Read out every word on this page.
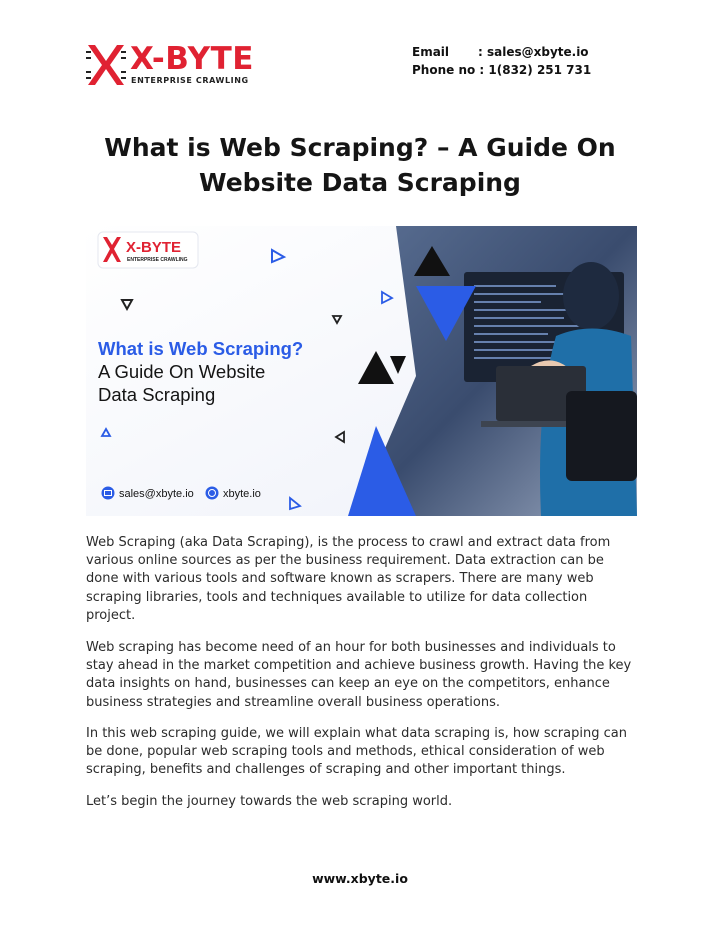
X-BYTE
ENTERPRISE CRAWLING
Email : sales@xbyte.io
Phone no : 1(832) 251 731
What is Web Scraping? – A Guide On Website Data Scraping
X-BYTE
ENTERPRISE CRAWLING
What is Web Scraping?
A Guide On Website
Data Scraping
sales@xbyte.io	xbyte.io

Web Scraping (aka Data Scraping), is the process to crawl and extract data from various online sources as per the business requirement. Data extraction can be done with various tools and software known as scrapers. There are many web scraping libraries, tools and techniques available to utilize for data collection project.

Web scraping has become need of an hour for both businesses and individuals to stay ahead in the market competition and achieve business growth. Having the key data insights on hand, businesses can keep an eye on the competitors, enhance business strategies and streamline overall business operations.

In this web scraping guide, we will explain what data scraping is, how scraping can be done, popular web scraping tools and methods, ethical consideration of web scraping, benefits and challenges of scraping and other important things.

Let’s begin the journey towards the web scraping world.

www.xbyte.io
